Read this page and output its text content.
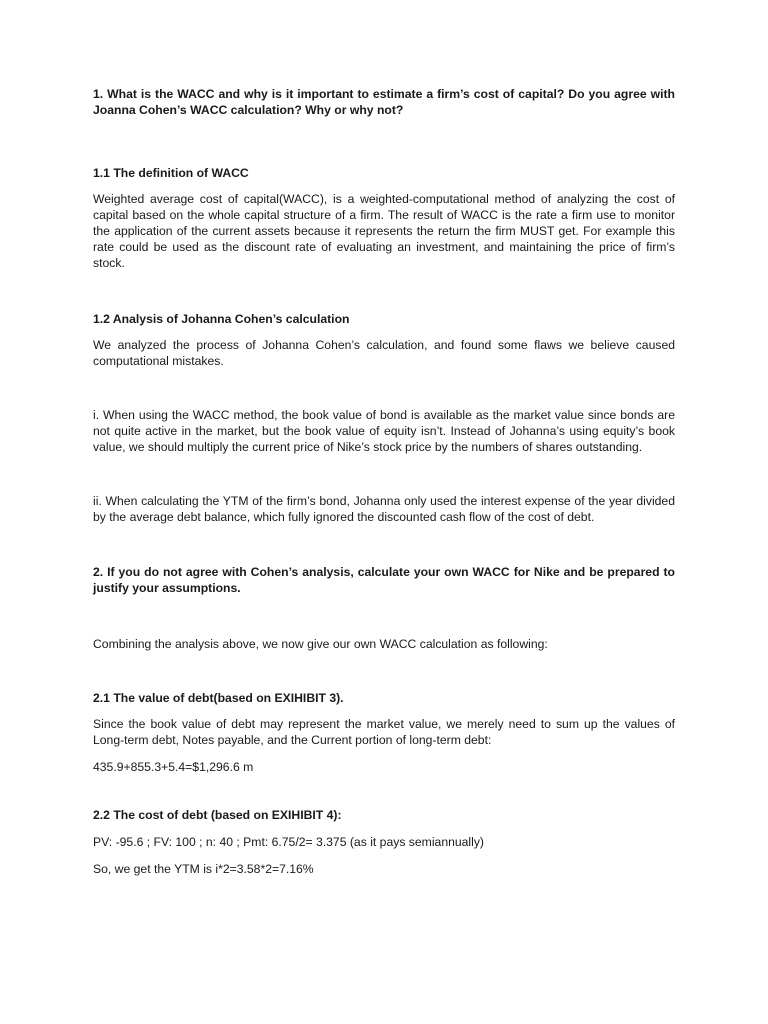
1. What is the WACC and why is it important to estimate a firm’s cost of capital? Do you agree with Joanna Cohen’s WACC calculation? Why or why not?

1.1 The definition of WACC

Weighted average cost of capital(WACC), is a weighted-computational method of analyzing the cost of capital based on the whole capital structure of a firm. The result of WACC is the rate a firm use to monitor the application of the current assets because it represents the return the firm MUST get. For example this rate could be used as the discount rate of evaluating an investment, and maintaining the price of firm’s stock.

1.2 Analysis of Johanna Cohen’s calculation

We analyzed the process of Johanna Cohen’s calculation, and found some flaws we believe caused computational mistakes.

i. When using the WACC method, the book value of bond is available as the market value since bonds are not quite active in the market, but the book value of equity isn’t. Instead of Johanna’s using equity’s book value, we should multiply the current price of Nike’s stock price by the numbers of shares outstanding.

ii. When calculating the YTM of the firm’s bond, Johanna only used the interest expense of the year divided by the average debt balance, which fully ignored the discounted cash flow of the cost of debt.

2. If you do not agree with Cohen’s analysis, calculate your own WACC for Nike and be prepared to justify your assumptions.

Combining the analysis above, we now give our own WACC calculation as following:

2.1 The value of debt(based on EXIHIBIT 3).

Since the book value of debt may represent the market value, we merely need to sum up the values of Long-term debt, Notes payable, and the Current portion of long-term debt:

435.9+855.3+5.4=$1,296.6 m

2.2 The cost of debt (based on EXIHIBIT 4):

PV: -95.6 ; FV: 100 ; n: 40 ; Pmt: 6.75/2= 3.375 (as it pays semiannually)

So, we get the YTM is i*2=3.58*2=7.16%
